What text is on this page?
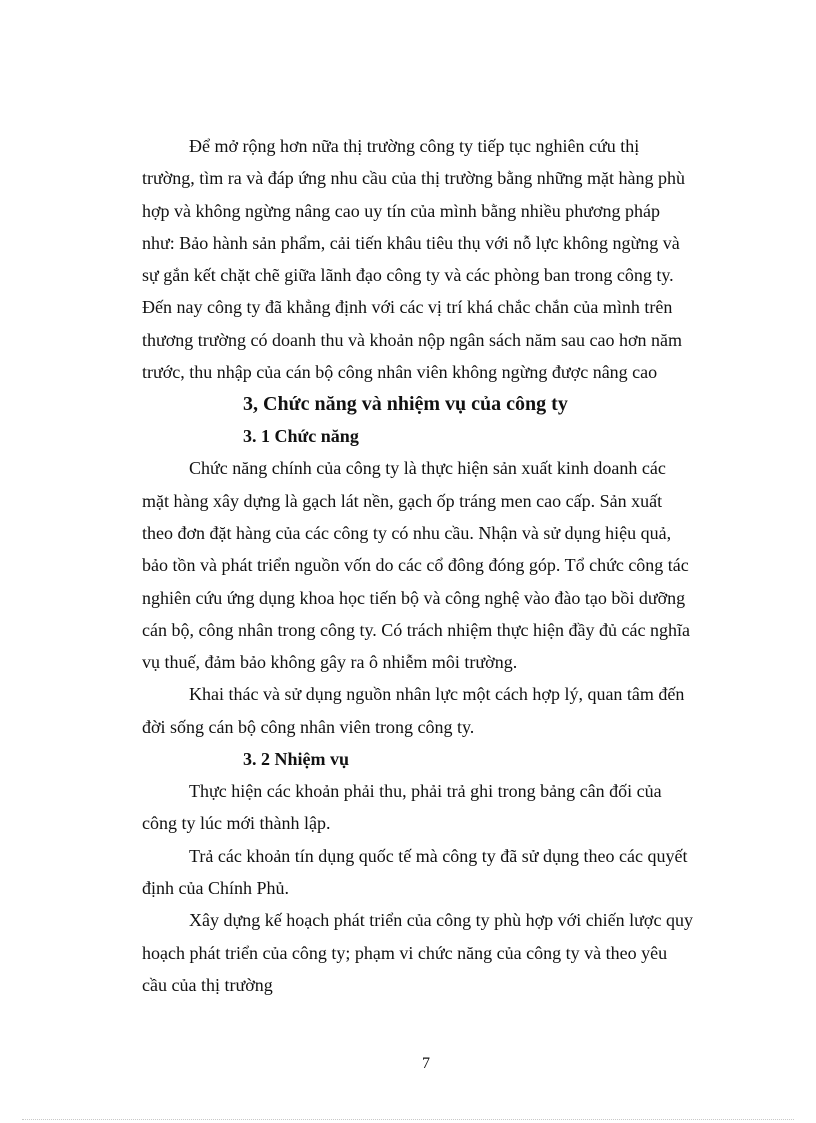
Để mở rộng hơn nữa thị trường công ty tiếp tục nghiên cứu thị
trường, tìm ra và đáp ứng nhu cầu của thị trường bằng những mặt hàng phù
hợp và không ngừng nâng cao uy tín của mình bằng nhiều phương pháp
như: Bảo hành sản phẩm, cải tiến khâu tiêu thụ với nỗ lực không ngừng và
sự gắn kết chặt chẽ giữa lãnh đạo công ty và các phòng ban trong công ty.
Đến nay công ty đã khẳng định với các vị trí khá chắc chắn của mình trên
thương trường có doanh thu và khoản nộp ngân sách năm sau cao hơn năm
trước, thu nhập của cán bộ công nhân viên không ngừng được nâng cao

3, Chức năng và nhiệm vụ của công ty
3. 1 Chức năng

Chức năng chính của công ty là thực hiện sản xuất kinh doanh các
mặt hàng xây dựng là gạch lát nền, gạch ốp tráng men cao cấp. Sản xuất
theo đơn đặt hàng của các công ty có nhu cầu. Nhận và sử dụng hiệu quả,
bảo tồn và phát triển nguồn vốn do các cổ đông đóng góp. Tổ chức công tác
nghiên cứu ứng dụng khoa học tiến bộ và công nghệ vào đào tạo bồi dưỡng
cán bộ, công nhân trong công ty. Có trách nhiệm thực hiện đầy đủ các nghĩa
vụ thuế, đảm bảo không gây ra ô nhiễm môi trường.

Khai thác và sử dụng nguồn nhân lực một cách hợp lý, quan tâm đến
đời sống cán bộ công nhân viên trong công ty.

3. 2 Nhiệm vụ

Thực hiện các khoản phải thu, phải trả ghi trong bảng cân đối của
công ty lúc mới thành lập.

Trả các khoản tín dụng quốc tế mà công ty đã sử dụng theo các quyết
định của Chính Phủ.

Xây dựng kế hoạch phát triển của công ty phù hợp với chiến lược quy
hoạch phát triển của công ty; phạm vi chức năng của công ty và theo yêu
cầu của thị trường

7
